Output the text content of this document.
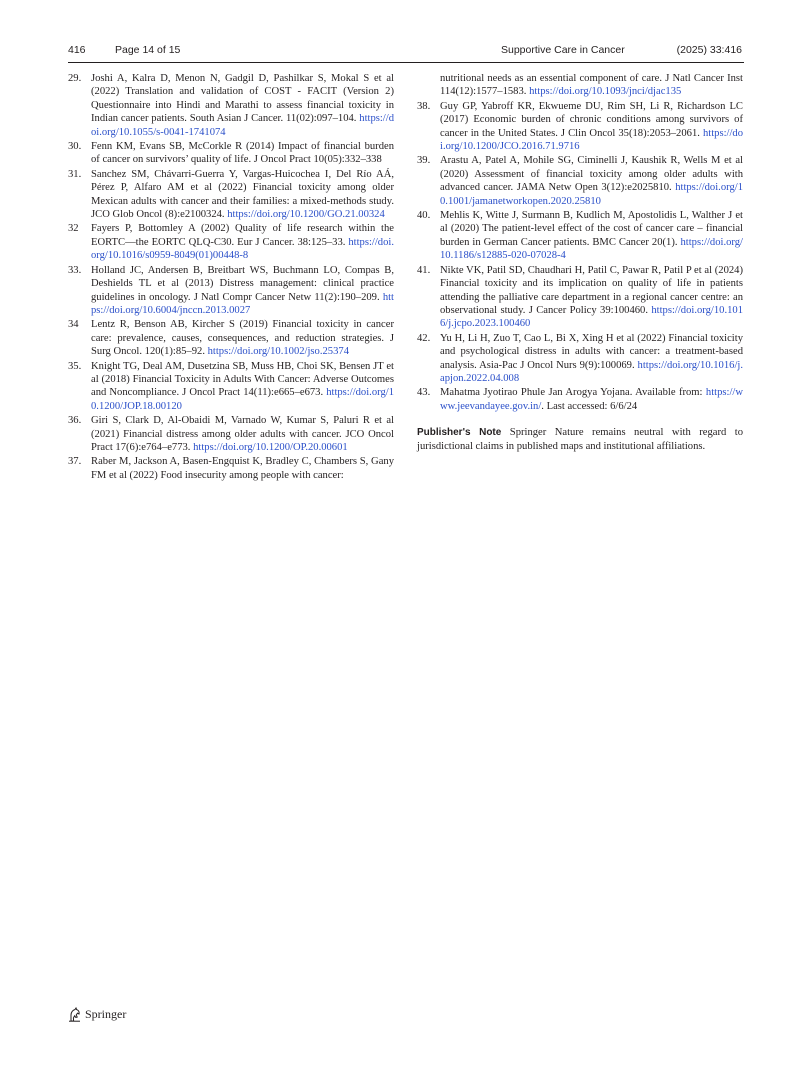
416	Page 14 of 15	Supportive Care in Cancer	(2025) 33:416
29. Joshi A, Kalra D, Menon N, Gadgil D, Pashilkar S, Mokal S et al (2022) Translation and validation of COST - FACIT (Version 2) Questionnaire into Hindi and Marathi to assess financial toxicity in Indian cancer patients. South Asian J Cancer. 11(02):097–104. https://doi.org/10.1055/s-0041-1741074
30. Fenn KM, Evans SB, McCorkle R (2014) Impact of financial burden of cancer on survivors’ quality of life. J Oncol Pract 10(05):332–338
31. Sanchez SM, Chávarri-Guerra Y, Vargas-Huicochea I, Del Río AÁ, Pérez P, Alfaro AM et al (2022) Financial toxicity among older Mexican adults with cancer and their families: a mixed-methods study. JCO Glob Oncol (8):e2100324. https://doi.org/10.1200/GO.21.00324
32 Fayers P, Bottomley A (2002) Quality of life research within the EORTC—the EORTC QLQ-C30. Eur J Cancer. 38:125–33. https://doi.org/10.1016/s0959-8049(01)00448-8
33. Holland JC, Andersen B, Breitbart WS, Buchmann LO, Compas B, Deshields TL et al (2013) Distress management: clinical practice guidelines in oncology. J Natl Compr Cancer Netw 11(2):190–209. https://doi.org/10.6004/jnccn.2013.0027
34 Lentz R, Benson AB, Kircher S (2019) Financial toxicity in cancer care: prevalence, causes, consequences, and reduction strategies. J Surg Oncol. 120(1):85–92. https://doi.org/10.1002/jso.25374
35. Knight TG, Deal AM, Dusetzina SB, Muss HB, Choi SK, Bensen JT et al (2018) Financial Toxicity in Adults With Cancer: Adverse Outcomes and Noncompliance. J Oncol Pract 14(11):e665–e673. https://doi.org/10.1200/JOP.18.00120
36. Giri S, Clark D, Al-Obaidi M, Varnado W, Kumar S, Paluri R et al (2021) Financial distress among older adults with cancer. JCO Oncol Pract 17(6):e764–e773. https://doi.org/10.1200/OP.20.00601
37. Raber M, Jackson A, Basen-Engquist K, Bradley C, Chambers S, Gany FM et al (2022) Food insecurity among people with cancer:
nutritional needs as an essential component of care. J Natl Cancer Inst 114(12):1577–1583. https://doi.org/10.1093/jnci/djac135
38. Guy GP, Yabroff KR, Ekwueme DU, Rim SH, Li R, Richardson LC (2017) Economic burden of chronic conditions among survivors of cancer in the United States. J Clin Oncol 35(18):2053–2061. https://doi.org/10.1200/JCO.2016.71.9716
39. Arastu A, Patel A, Mohile SG, Ciminelli J, Kaushik R, Wells M et al (2020) Assessment of financial toxicity among older adults with advanced cancer. JAMA Netw Open 3(12):e2025810. https://doi.org/10.1001/jamanetworkopen.2020.25810
40. Mehlis K, Witte J, Surmann B, Kudlich M, Apostolidis L, Walther J et al (2020) The patient-level effect of the cost of cancer care – financial burden in German Cancer patients. BMC Cancer 20(1). https://doi.org/10.1186/s12885-020-07028-4
41. Nikte VK, Patil SD, Chaudhari H, Patil C, Pawar R, Patil P et al (2024) Financial toxicity and its implication on quality of life in patients attending the palliative care department in a regional cancer centre: an observational study. J Cancer Policy 39:100460. https://doi.org/10.1016/j.jcpo.2023.100460
42. Yu H, Li H, Zuo T, Cao L, Bi X, Xing H et al (2022) Financial toxicity and psychological distress in adults with cancer: a treatment-based analysis. Asia-Pac J Oncol Nurs 9(9):100069. https://doi.org/10.1016/j.apjon.2022.04.008
43. Mahatma Jyotirao Phule Jan Arogya Yojana. Available from: https://www.jeevandayee.gov.in/. Last accessed: 6/6/24
Publisher's Note Springer Nature remains neutral with regard to jurisdictional claims in published maps and institutional affiliations.
Springer
